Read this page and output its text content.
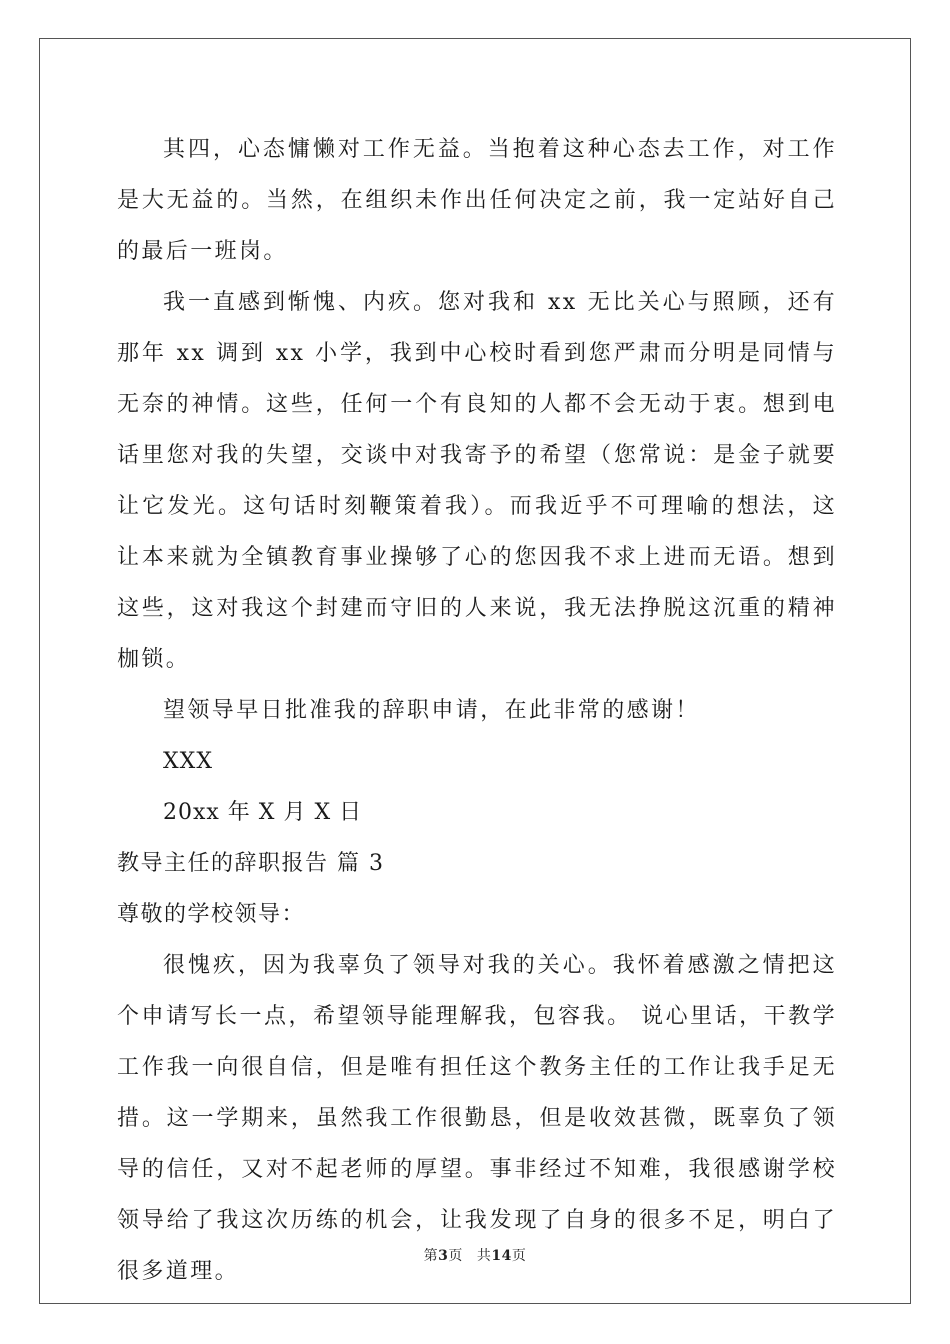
其四，心态慵懒对工作无益。当抱着这种心态去工作，对工作是大无益的。当然，在组织未作出任何决定之前，我一定站好自己的最后一班岗。

我一直感到惭愧、内疚。您对我和 xx 无比关心与照顾，还有那年 xx 调到 xx 小学，我到中心校时看到您严肃而分明是同情与无奈的神情。这些，任何一个有良知的人都不会无动于衷。想到电话里您对我的失望，交谈中对我寄予的希望（您常说：是金子就要让它发光。这句话时刻鞭策着我）。而我近乎不可理喻的想法，这让本来就为全镇教育事业操够了心的您因我不求上进而无语。想到这些，这对我这个封建而守旧的人来说，我无法挣脱这沉重的精神枷锁。

望领导早日批准我的辞职申请，在此非常的感谢！

XXX

20xx 年 X 月 X 日

教导主任的辞职报告 篇 3

尊敬的学校领导：

很愧疚，因为我辜负了领导对我的关心。我怀着感激之情把这个申请写长一点，希望领导能理解我，包容我。 说心里话，干教学工作我一向很自信，但是唯有担任这个教务主任的工作让我手足无措。这一学期来，虽然我工作很勤恳，但是收效甚微，既辜负了领导的信任，又对不起老师的厚望。事非经过不知难，我很感谢学校领导给了我这次历练的机会，让我发现了自身的很多不足，明白了很多道理。

第3页 共14页
